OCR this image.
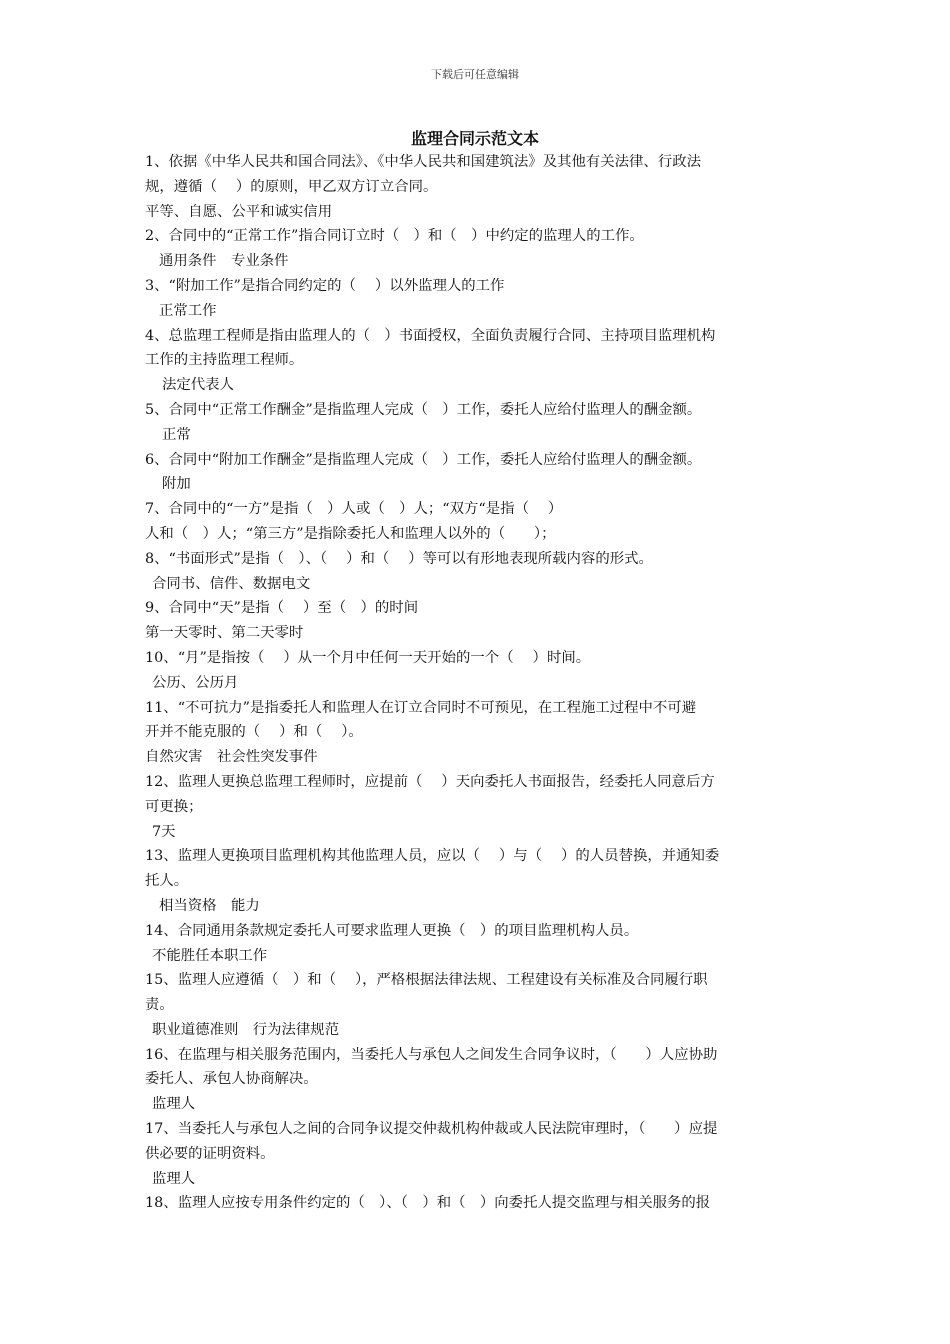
下载后可任意编辑
监理合同示范文本
1、依据《中华人民共和国合同法》、《中华人民共和国建筑法》及其他有关法律、行政法
规，遵循（　 ）的原则，甲乙双方订立合同。
平等、自愿、公平和诚实信用
2、合同中的“正常工作”指合同订立时（　）和（　）中约定的监理人的工作。
通用条件　专业条件
3、“附加工作”是指合同约定的（　 ）以外监理人的工作
正常工作
4、总监理工程师是指由监理人的（　）书面授权，全面负责履行合同、主持项目监理机构
工作的主持监理工程师。
法定代表人
5、合同中“正常工作酬金”是指监理人完成（　）工作，委托人应给付监理人的酬金额。
正常
6、合同中“附加工作酬金”是指监理人完成（　）工作，委托人应给付监理人的酬金额。
附加
7、合同中的“一方”是指（　）人或（　）人；“双方“是指（　 ）
人和（　）人；“第三方”是指除委托人和监理人以外的（　　）；
8、“书面形式”是指（　）、（　 ）和（　 ）等可以有形地表现所载内容的形式。
合同书、信件、数据电文
9、合同中“天”是指（　 ）至（　）的时间
第一天零时、第二天零时
10、“月”是指按（　 ）从一个月中任何一天开始的一个（　 ）时间。
公历、公历月
11、“不可抗力”是指委托人和监理人在订立合同时不可预见，在工程施工过程中不可避
开并不能克服的（　 ）和（　 ）。
自然灾害　社会性突发事件
12、监理人更换总监理工程师时，应提前（　 ）天向委托人书面报告，经委托人同意后方
可更换；
7天
13、监理人更换项目监理机构其他监理人员，应以（　 ）与（　 ）的人员替换，并通知委
托人。
相当资格　能力
14、合同通用条款规定委托人可要求监理人更换（　）的项目监理机构人员。
不能胜任本职工作
15、监理人应遵循（　）和（　 ），严格根据法律法规、工程建设有关标准及合同履行职
责。
职业道德准则　行为法律规范
16、在监理与相关服务范围内，当委托人与承包人之间发生合同争议时，（　　）人应协助
委托人、承包人协商解决。
监理人
17、当委托人与承包人之间的合同争议提交仲裁机构仲裁或人民法院审理时，（　　）应提
供必要的证明资料。
监理人
18、监理人应按专用条件约定的（　）、（　）和（　）向委托人提交监理与相关服务的报
